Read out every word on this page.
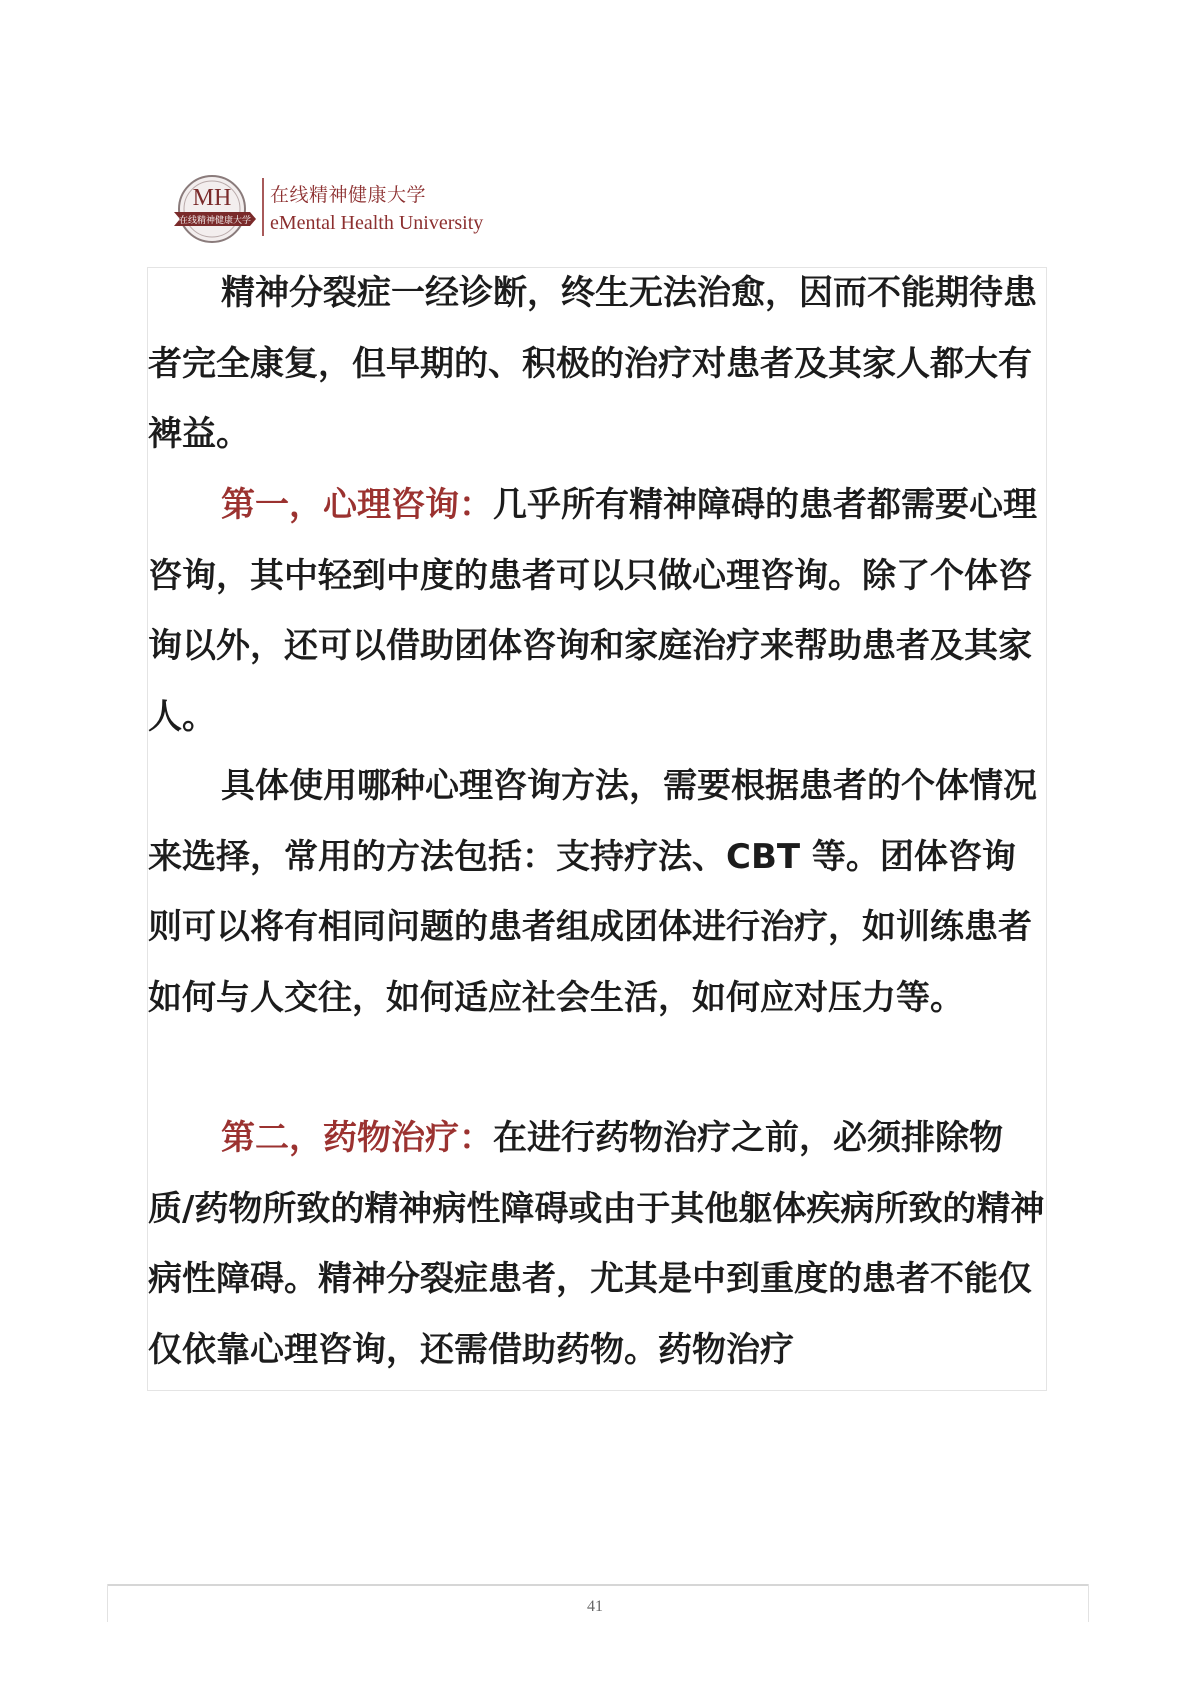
MH
在线精神健康大学
在线精神健康大学
eMental Health University

精神分裂症一经诊断，终生无法治愈，因而不能期待患者完全康复，但早期的、积极的治疗对患者及其家人都大有裨益。

第一，心理咨询：几乎所有精神障碍的患者都需要心理咨询，其中轻到中度的患者可以只做心理咨询。除了个体咨询以外，还可以借助团体咨询和家庭治疗来帮助患者及其家人。

具体使用哪种心理咨询方法，需要根据患者的个体情况来选择，常用的方法包括：支持疗法、CBT 等。团体咨询则可以将有相同问题的患者组成团体进行治疗，如训练患者如何与人交往，如何适应社会生活，如何应对压力等。

第二，药物治疗：在进行药物治疗之前，必须排除物质/药物所致的精神病性障碍或由于其他躯体疾病所致的精神病性障碍。精神分裂症患者，尤其是中到重度的患者不能仅仅依靠心理咨询，还需借助药物。药物治疗

41
